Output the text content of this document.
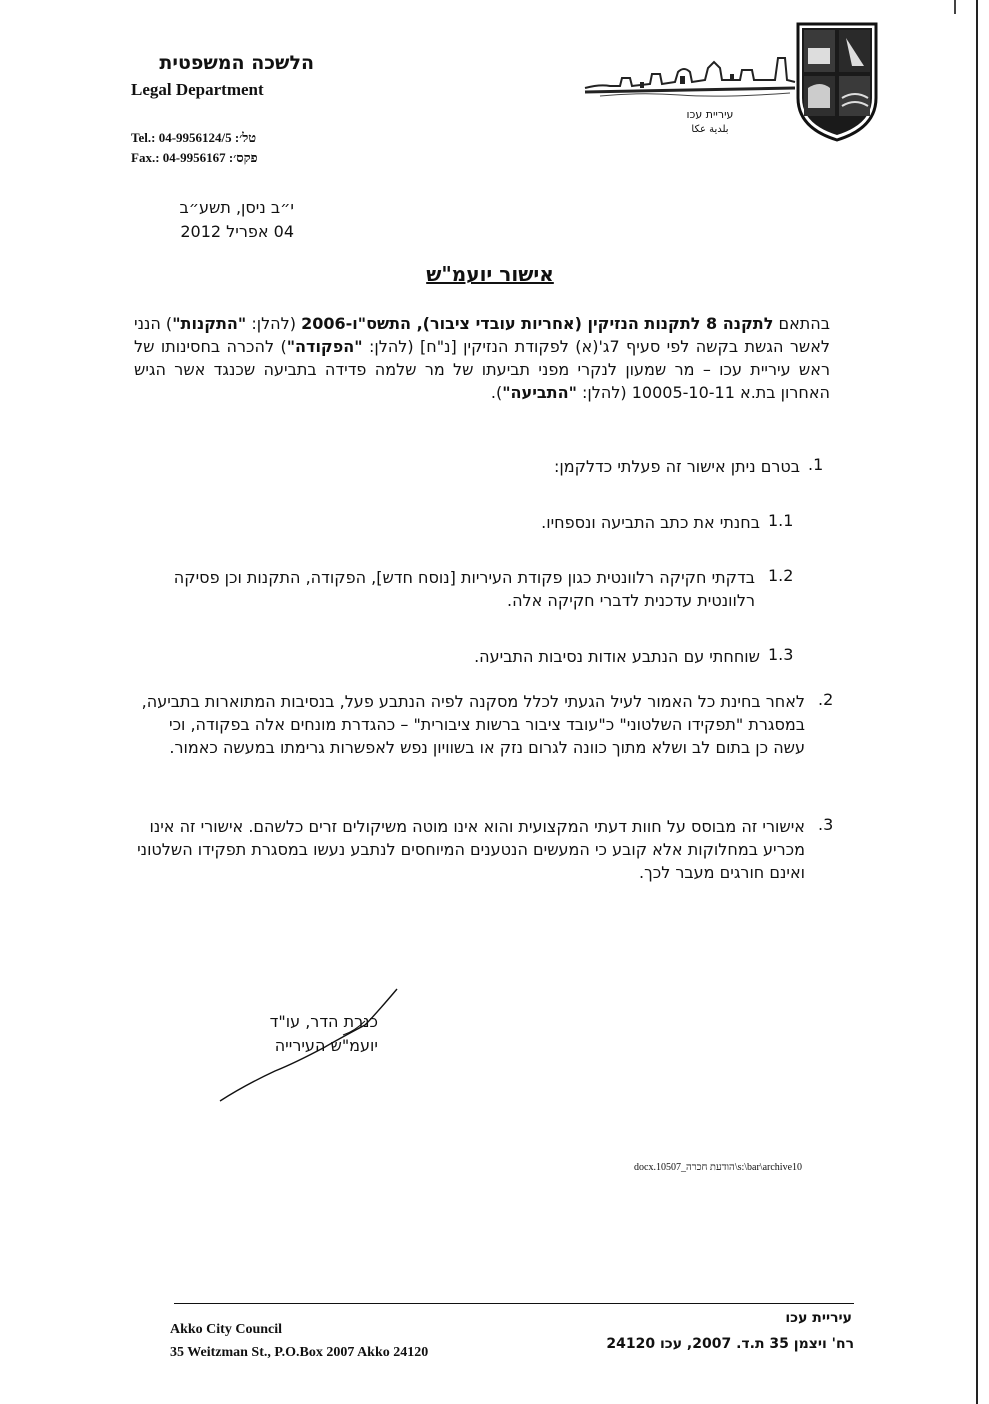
הלשכה המשפטית
Legal Department
Tel.: 04-9956124/5 :טל׳
Fax.: 04-9956167 :פקס׳
י״ב ניסן, תשע״ב
04 אפריל 2012
עיריית עכו
بلدية عكا
אישור יועמ"ש
בהתאם לתקנה 8 לתקנות הנזיקין (אחריות עובדי ציבור), התשס"ו-2006 (להלן: "התקנות") הנני לאשר הגשת בקשה לפי סעיף 7ג'(א) לפקודת הנזיקין [נ"ח] (להלן: "הפקודה") להכרה בחסינותו של ראש עיריית עכו – מר שמעון לנקרי מפני תביעתו של מר שלמה פדידה בתביעה שכנגד אשר הגיש האחרון בת.א 10005-10-11 (להלן: "התביעה").
.1
בטרם ניתן אישור זה פעלתי כדלקמן:
1.1
בחנתי את כתב התביעה ונספחיו.
1.2
בדקתי חקיקה רלוונטית כגון פקודת העיריות [נוסח חדש], הפקודה, התקנות וכן פסיקה רלוונטית עדכנית לדברי חקיקה אלה.
1.3
שוחחתי עם הנתבע אודות נסיבות התביעה.
.2
לאחר בחינת כל האמור לעיל הגעתי לכלל מסקנה לפיה הנתבע פעל, בנסיבות המתוארות בתביעה, במסגרת "תפקידו השלטוני" כ"עובד ציבור ברשות ציבורית" – כהגדרת מונחים אלה בפקודה, וכי עשה כן בתום לב ושלא מתוך כוונה לגרום נזק או בשוויון נפש לאפשרות גרימתו במעשה כאמור.
.3
אישורי זה מבוסס על חוות דעתי המקצועית והוא אינו מוטה משיקולים זרים כלשהם. אישורי זה אינו מכריע במחלוקות אלא קובע כי המעשים הנטענים המיוחסים לנתבע נעשו במסגרת תפקידו השלטוני ואינם חורגים מעבר לכך.
כנרת הדר, עו"ד
יועמ"ש העירייה
docx.10507_הודעת חכרה\s:\bar\archive10
Akko City Council
35 Weitzman St., P.O.Box 2007 Akko 24120
עיריית עכו
רח' ויצמן 35 ת.ד. 2007, עכו 24120
